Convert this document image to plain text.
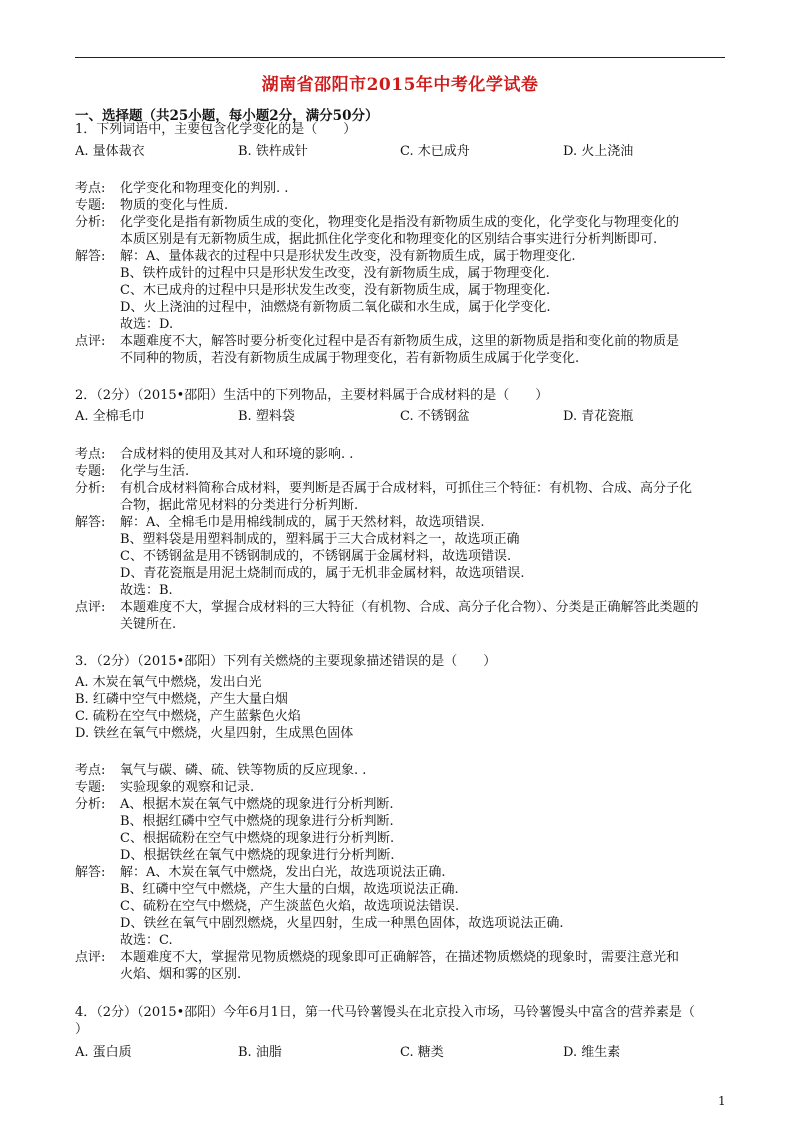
湖南省邵阳市2015年中考化学试卷
一、选择题（共25小题，每小题2分，满分50分）
1．下列词语中，主要包含化学变化的是（　　）
A. 量体裁衣	B. 铁杵成针	C. 木已成舟	D. 火上浇油
考点: 化学变化和物理变化的判别. .
专题: 物质的变化与性质.
分析: 化学变化是指有新物质生成的变化，物理变化是指没有新物质生成的变化，化学变化与物理变化的
本质区别是有无新物质生成，据此抓住化学变化和物理变化的区别结合事实进行分析判断即可.
解答: 解：A、量体裁衣的过程中只是形状发生改变，没有新物质生成，属于物理变化.
B、铁杵成针的过程中只是形状发生改变，没有新物质生成，属于物理变化.
C、木已成舟的过程中只是形状发生改变，没有新物质生成，属于物理变化.
D、火上浇油的过程中，油燃烧有新物质二氧化碳和水生成，属于化学变化.
故选：D.
点评: 本题难度不大，解答时要分析变化过程中是否有新物质生成，这里的新物质是指和变化前的物质是
不同种的物质，若没有新物质生成属于物理变化，若有新物质生成属于化学变化.
2．（2分）（2015•邵阳）生活中的下列物品，主要材料属于合成材料的是（　　）
A. 全棉毛巾	B. 塑料袋	C. 不锈钢盆	D. 青花瓷瓶
考点: 合成材料的使用及其对人和环境的影响. .
专题: 化学与生活.
分析: 有机合成材料简称合成材料，要判断是否属于合成材料，可抓住三个特征：有机物、合成、高分子化
合物，据此常见材料的分类进行分析判断.
解答: 解：A、全棉毛巾是用棉线制成的，属于天然材料，故选项错误.
B、塑料袋是用塑料制成的，塑料属于三大合成材料之一，故选项正确
C、不锈钢盆是用不锈钢制成的，不锈钢属于金属材料，故选项错误.
D、青花瓷瓶是用泥土烧制而成的，属于无机非金属材料，故选项错误.
故选：B.
点评: 本题难度不大，掌握合成材料的三大特征（有机物、合成、高分子化合物）、分类是正确解答此类题的
关键所在.
3．（2分）（2015•邵阳）下列有关燃烧的主要现象描述错误的是（　　）
A. 木炭在氧气中燃烧，发出白光
B. 红磷中空气中燃烧，产生大量白烟
C. 硫粉在空气中燃烧，产生蓝紫色火焰
D. 铁丝在氧气中燃烧，火星四射，生成黑色固体
考点: 氧气与碳、磷、硫、铁等物质的反应现象. .
专题: 实验现象的观察和记录.
分析: A、根据木炭在氧气中燃烧的现象进行分析判断.
B、根据红磷中空气中燃烧的现象进行分析判断.
C、根据硫粉在空气中燃烧的现象进行分析判断.
D、根据铁丝在氧气中燃烧的现象进行分析判断.
解答: 解：A、木炭在氧气中燃烧，发出白光，故选项说法正确.
B、红磷中空气中燃烧，产生大量的白烟，故选项说法正确.
C、硫粉在空气中燃烧，产生淡蓝色火焰，故选项说法错误.
D、铁丝在氧气中剧烈燃烧，火星四射，生成一种黑色固体，故选项说法正确.
故选：C.
点评: 本题难度不大，掌握常见物质燃烧的现象即可正确解答，在描述物质燃烧的现象时，需要注意光和
火焰、烟和雾的区别.
4．（2分）（2015•邵阳）今年6月1日，第一代马铃薯馒头在北京投入市场，马铃薯馒头中富含的营养素是（
）
A. 蛋白质	B. 油脂	C. 糖类	D. 维生素
1
